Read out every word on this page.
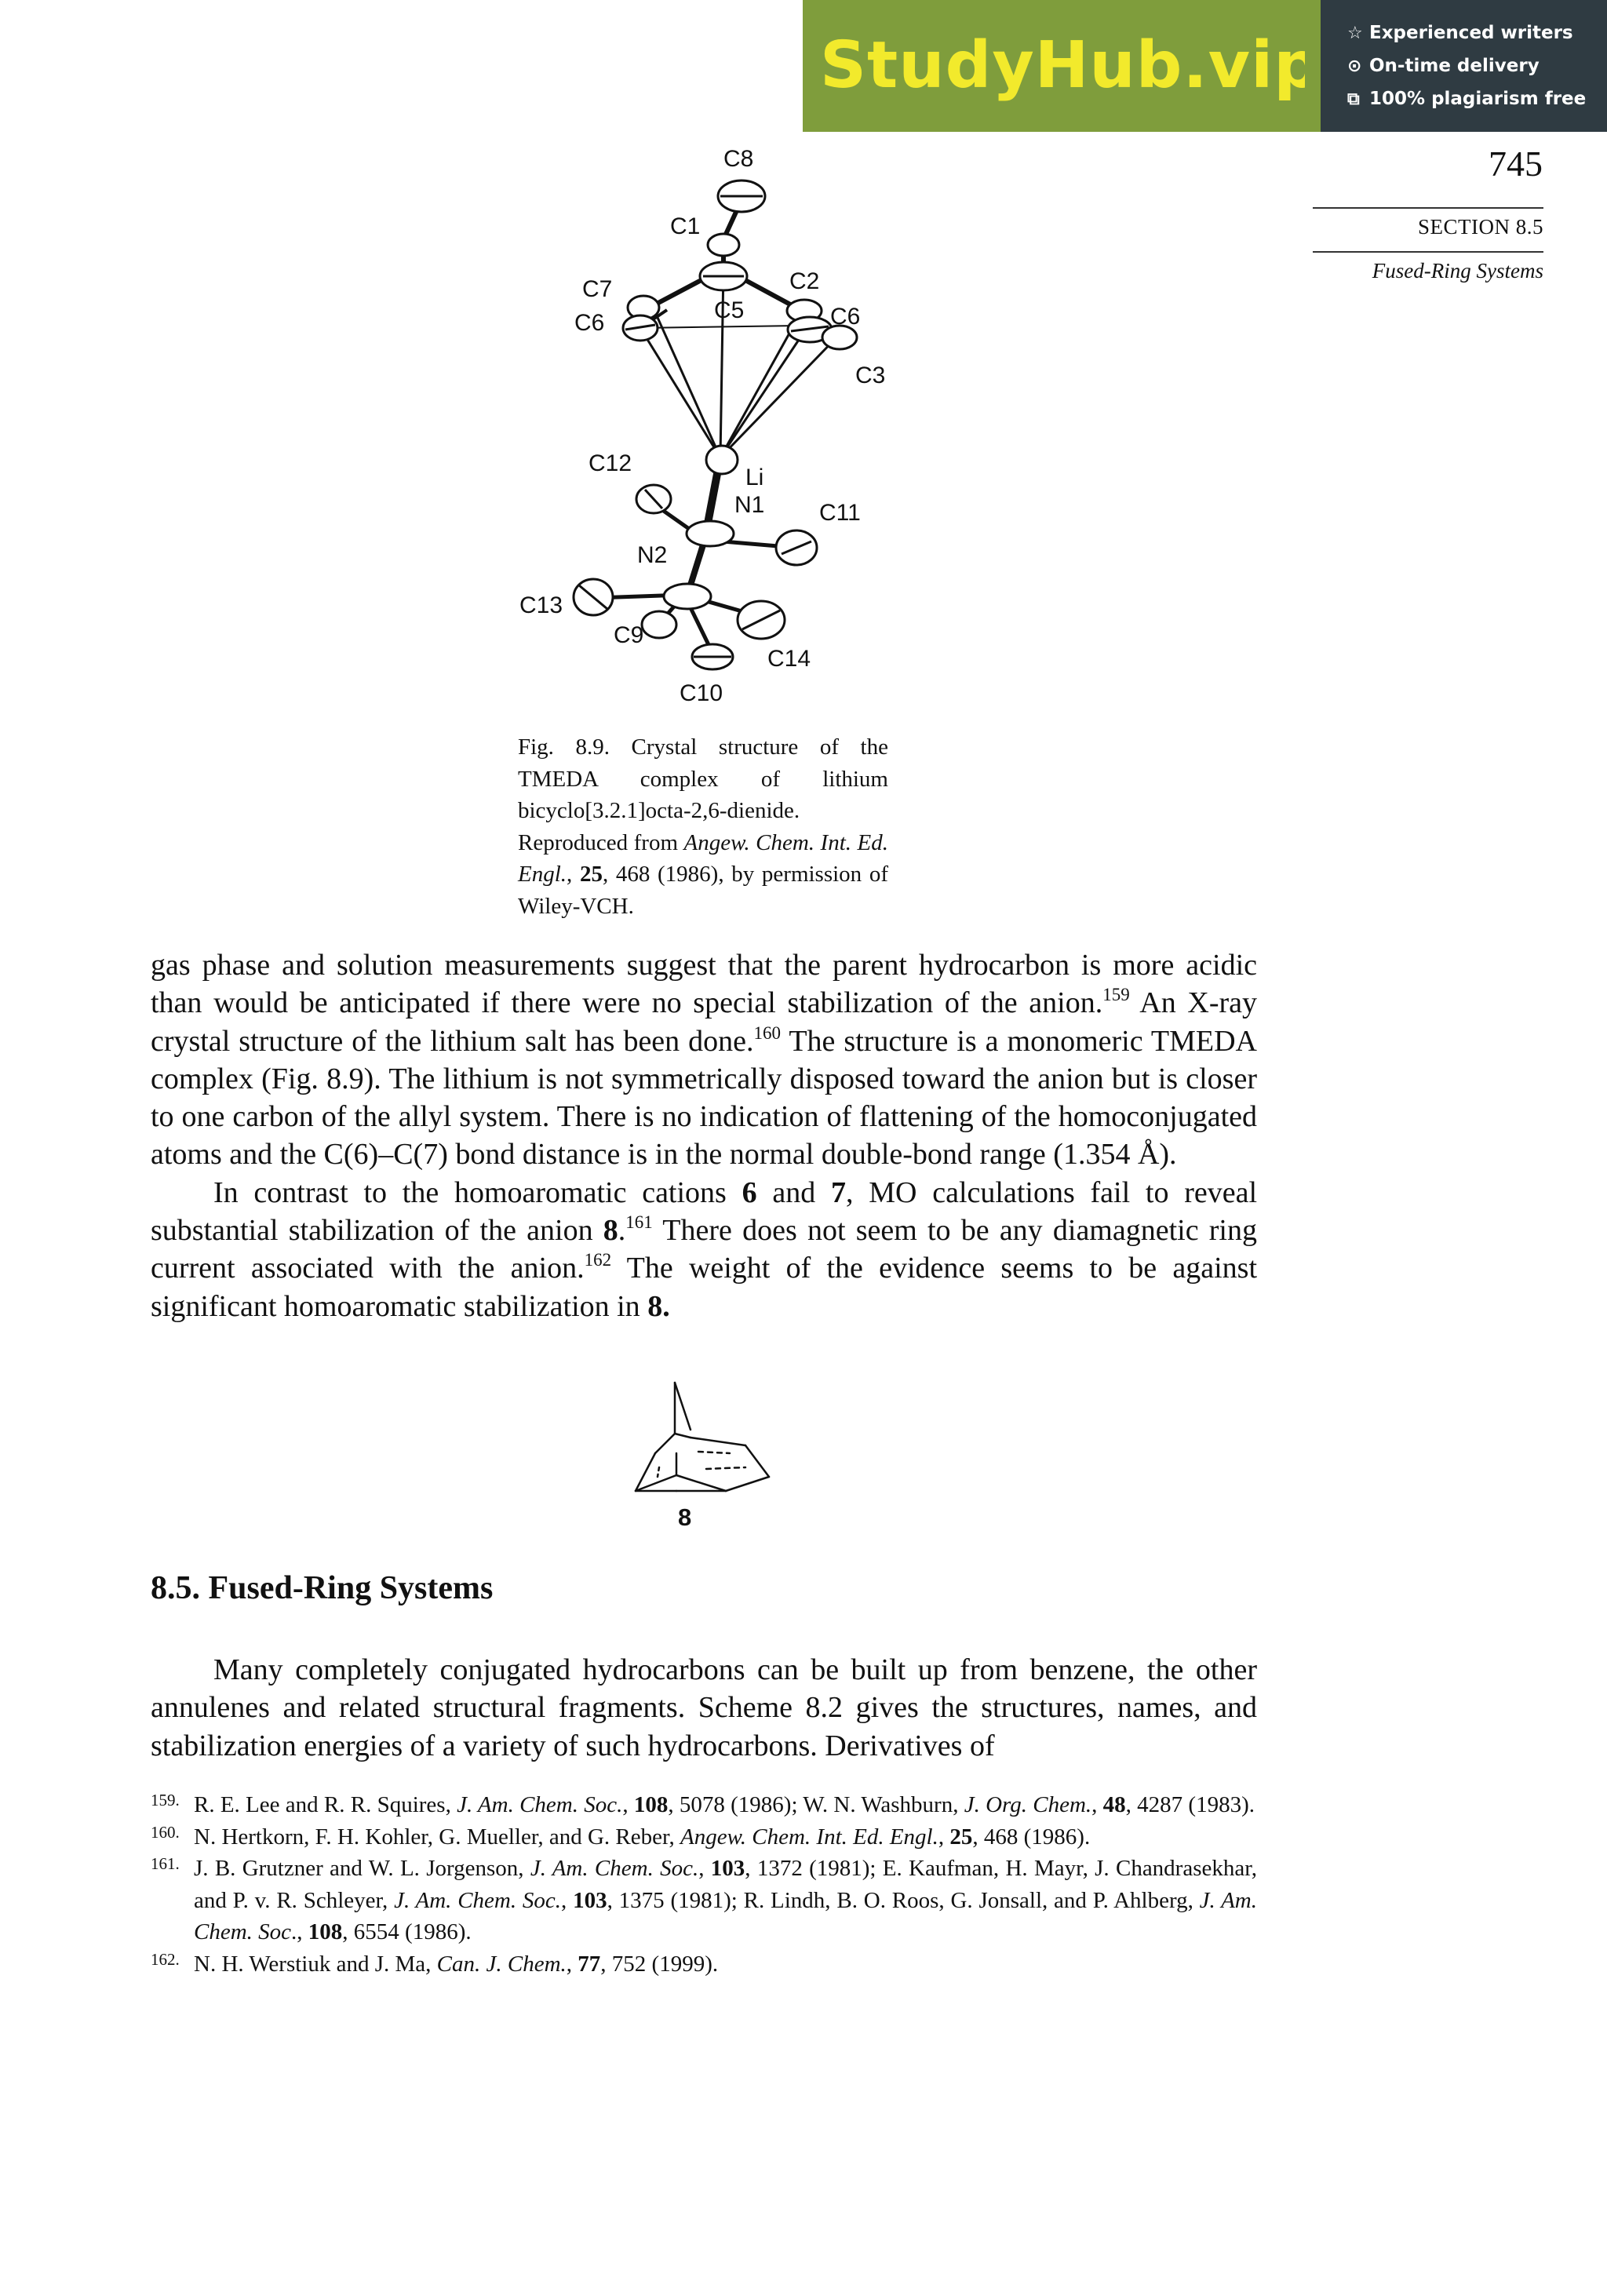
StudyHub.vip ☆ Experienced writers
⊙ On-time delivery
⧉ 100% plagiarism free
745
SECTION 8.5
Fused-Ring Systems
C8
C1
C7
C6	C5
C2
C6
C3
C12
Li
N1 C11
N2
C13
C9
C14
C10
Fig. 8.9. Crystal structure of the TMEDA complex of lithium bicyclo[3.2.1]octa-2,6-dienide. Reproduced from Angew. Chem. Int. Ed. Engl., 25, 468 (1986), by permission of Wiley-VCH.

gas phase and solution measurements suggest that the parent hydrocarbon is more acidic than would be anticipated if there were no special stabilization of the anion.$^{159}$ An X-ray crystal structure of the lithium salt has been done.$^{160}$ The structure is a monomeric TMEDA complex (Fig. 8.9). The lithium is not symmetrically disposed toward the anion but is closer to one carbon of the allyl system. There is no indication of flattening of the homoconjugated atoms and the C(6)–C(7) bond distance is in the normal double-bond range (1.354 Å).

In contrast to the homoaromatic cations 6 and 7, MO calculations fail to reveal substantial stabilization of the anion 8.$^{161}$ There does not seem to be any diamagnetic ring current associated with the anion.$^{162}$ The weight of the evidence seems to be against significant homoaromatic stabilization in 8.

8
8.5. Fused-Ring Systems

Many completely conjugated hydrocarbons can be built up from benzene, the other annulenes and related structural fragments. Scheme 8.2 gives the structures, names, and stabilization energies of a variety of such hydrocarbons. Derivatives of

159. R. E. Lee and R. R. Squires, J. Am. Chem. Soc., 108, 5078 (1986); W. N. Washburn, J. Org. Chem., 48, 4287 (1983).
160. N. Hertkorn, F. H. Kohler, G. Mueller, and G. Reber, Angew. Chem. Int. Ed. Engl., 25, 468 (1986).
161. J. B. Grutzner and W. L. Jorgenson, J. Am. Chem. Soc., 103, 1372 (1981); E. Kaufman, H. Mayr, J. Chandrasekhar, and P. v. R. Schleyer, J. Am. Chem. Soc., 103, 1375 (1981); R. Lindh, B. O. Roos, G. Jonsall, and P. Ahlberg, J. Am. Chem. Soc., 108, 6554 (1986).
162. N. H. Werstiuk and J. Ma, Can. J. Chem., 77, 752 (1999).
